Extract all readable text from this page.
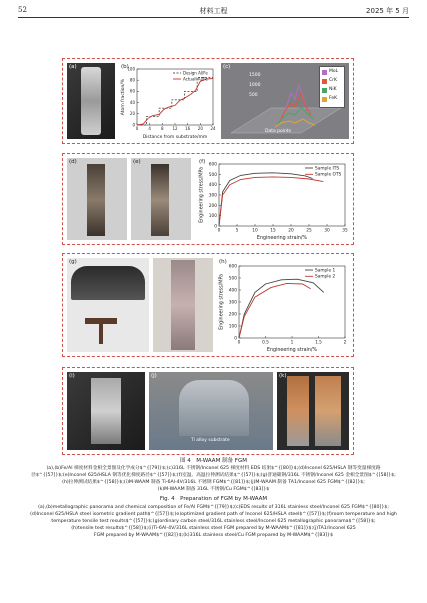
52	材料工程	2025 年 5 月
(a)
0	4	8 12 16 20 24
0
20
40
60
80
100
Distance from substrate/mm
Atom fraction/%
Design Al/Fe
Actuall Al/Fe
(b)	(c)
1500
1000
500
Data points
MoL
CrK
NiK
FeK
(d)	(e)
0	5	10	15	20	25	30	35
0
100
200
300
400
500
600
Engineering strain/%
Engineering stress/MPa	Sample ITS
Sample OTS
(f)
(g)
0	0.5	1	1.5	2
0
100
200
300
400
500
600
Engineering strain/%
Engineering stress/MPa
Sample 1
Sample 2
(h)
(i)	(j)
Ti alloy substrate
(k)
图 4　M-WAAM 制备 FGM
(a),(b)Fe/Al 梯度材料金相全景图及化学成分$^{[79]}$;(c)316L 不锈钢/Inconel 625 梯度材料 EDS 结果$^{[80]}$;(d)Inconel 625/HSLA 钢等变量梯度路
径$^{[57]}$;(e)Inconel 625/HSLA 钢等优化梯度路径$^{[57]}$;(f)室温、高温拉伸测试结果$^{[57]}$;(g)普通碳钢/316L 不锈钢/Inconel 625 金相全景图$^{[58]}$;
(h)拉伸测试结果$^{[58]}$;(i)M-WAAM 制备 Ti-6Al-4V/316L 不锈钢 FGM$^{[81]}$;(j)M-WAAM 制备 TA1/Inconel 625 FGM$^{[82]}$;
(k)M-WAAM 制备 316L 不锈钢/Cu FGM$^{[83]}$
Fig. 4　Preparation of FGM by M-WAAM
(a),(b)metallographic panorama and chemical composition of Fe/Al FGM$^{[79]}$;(c)EDS results of 316L stainless steel/Inconel 625 FGM$^{[80]}$;
(d)Inconel 625/HSLA steel isometric gradient path$^{[57]}$;(e)optimized gradient path of Inconel 625/HSLA steel$^{[57]}$;(f)room temperature and high
temperature tensile test results$^{[57]}$;(g)ordinary carbon steel/316L stainless steel/Inconel 625 metallographic panorama$^{[58]}$;
(h)tensile test results$^{[58]}$;(i)Ti-6Al-4V/316L stainless steel FGM prepared by M-WAAM$^{[81]}$;(j)TA1/Inconel 625
FGM prepared by M-WAAM$^{[82]}$;(k)316L stainless steel/Cu FGM prepared by M-WAAM$^{[83]}$
